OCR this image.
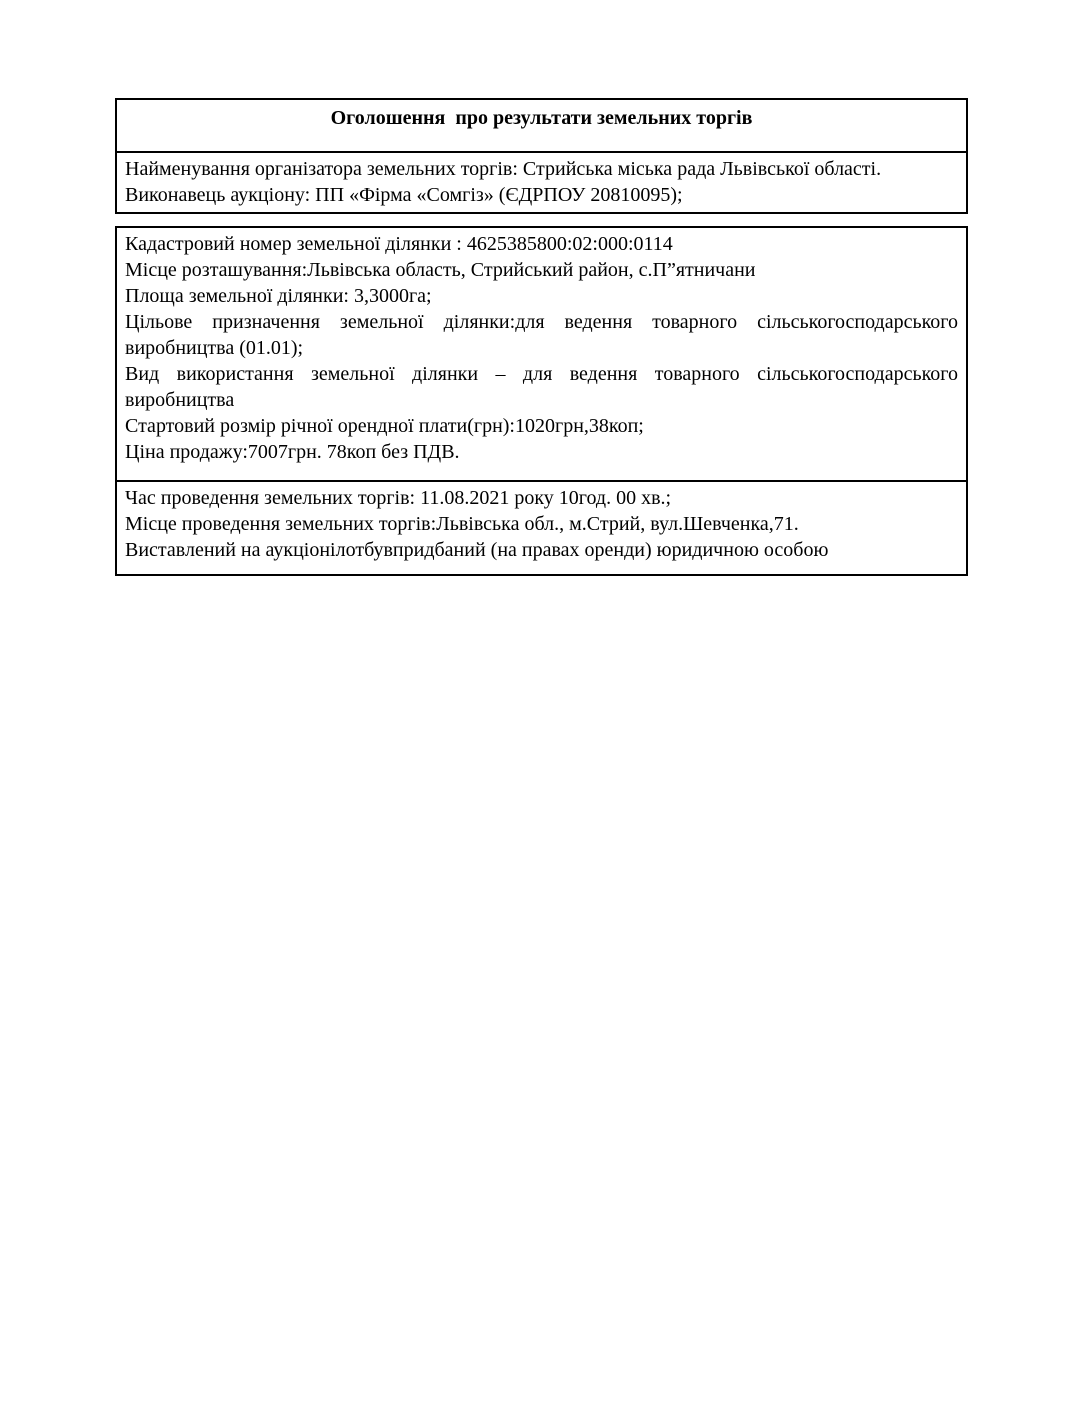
Оголошення  про результати земельних торгів

Найменування організатора земельних торгів: Стрийська міська рада Львівської області.

Виконавець аукціону: ПП «Фірма «Сомгіз» (ЄДРПОУ 20810095);

Кадастровий номер земельної ділянки : 4625385800:02:000:0114

Місце розташування:Львівська область, Стрийський район, с.П”ятничани

Площа земельної ділянки: 3,3000га;

Цільове призначення земельної ділянки:для ведення товарного сільськогосподарського виробництва (01.01);

Вид використання земельної ділянки – для ведення товарного сільськогосподарського виробництва

Стартовий розмір річної орендної плати(грн):1020грн,38коп;

Ціна продажу:7007грн. 78коп без ПДВ.

Час проведення земельних торгів: 11.08.2021 року 10год. 00 хв.;

Місце проведення земельних торгів:Львівська обл., м.Стрий, вул.Шевченка,71.

Виставлений на аукціонілотбувпридбаний (на правах оренди) юридичною особою
